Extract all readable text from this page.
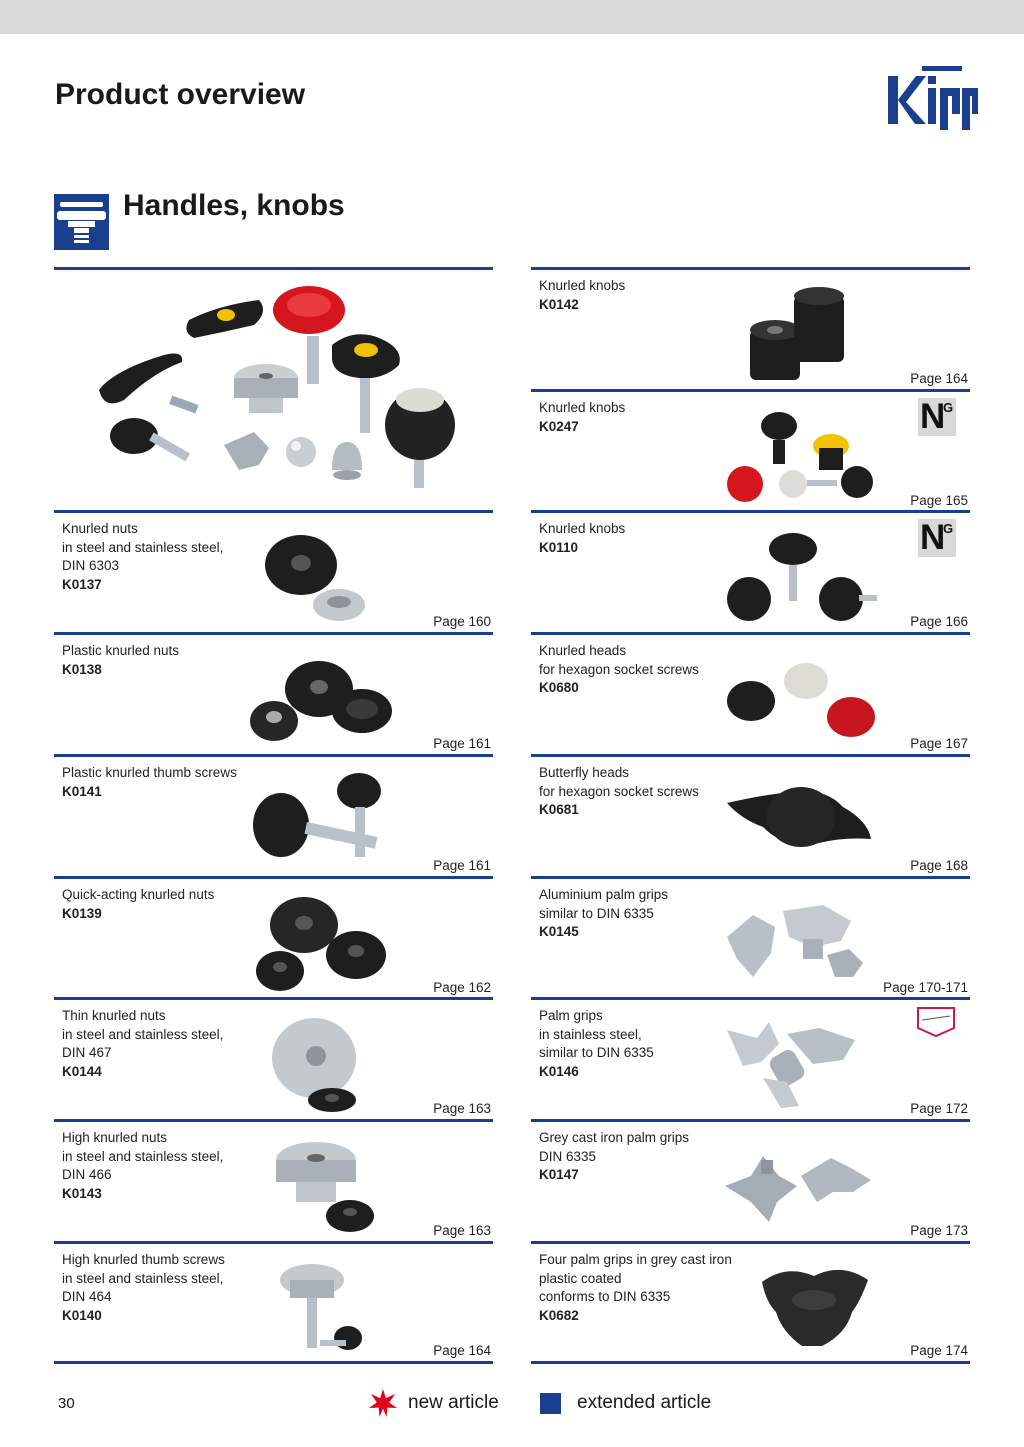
Product overview
Handles, knobs
Knurled nuts
in steel and stainless steel,
DIN 6303
K0137
Page 160
Plastic knurled nuts
K0138
Page 161
Plastic knurled thumb screws
K0141
Page 161
Quick-acting knurled nuts
K0139
Page 162
Thin knurled nuts
in steel and stainless steel,
DIN 467
K0144
Page 163
High knurled nuts
in steel and stainless steel,
DIN 466
K0143
Page 163
High knurled thumb screws
in steel and stainless steel,
DIN 464
K0140
Page 164
Knurled knobs
K0142
Page 164
Knurled knobs
K0247	N
G
Page 165
Knurled knobs
K0110	N
G
Page 166
Knurled heads
for hexagon socket screws
K0680
Page 167
Butterfly heads
for hexagon socket screws
K0681
Page 168
Aluminium palm grips
similar to DIN 6335
K0145
Page 170-171
Palm grips
in stainless steel,
similar to DIN 6335
K0146
Page 172
Grey cast iron palm grips
DIN 6335
K0147
Page 173
Four palm grips in grey cast iron
plastic coated
conforms to DIN 6335
K0682
Page 174
30	new article	extended article
